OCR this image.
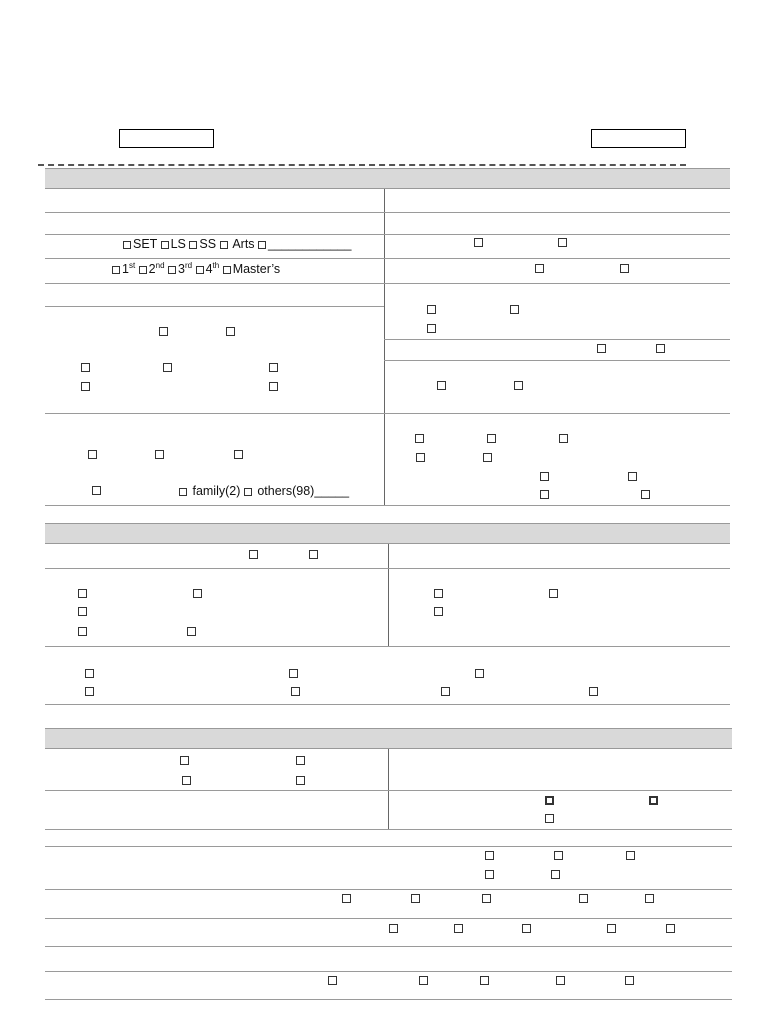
SET LS SS  Arts ____________
1st 2nd 3rd 4th Master’s
family(2)  others(98)_____
